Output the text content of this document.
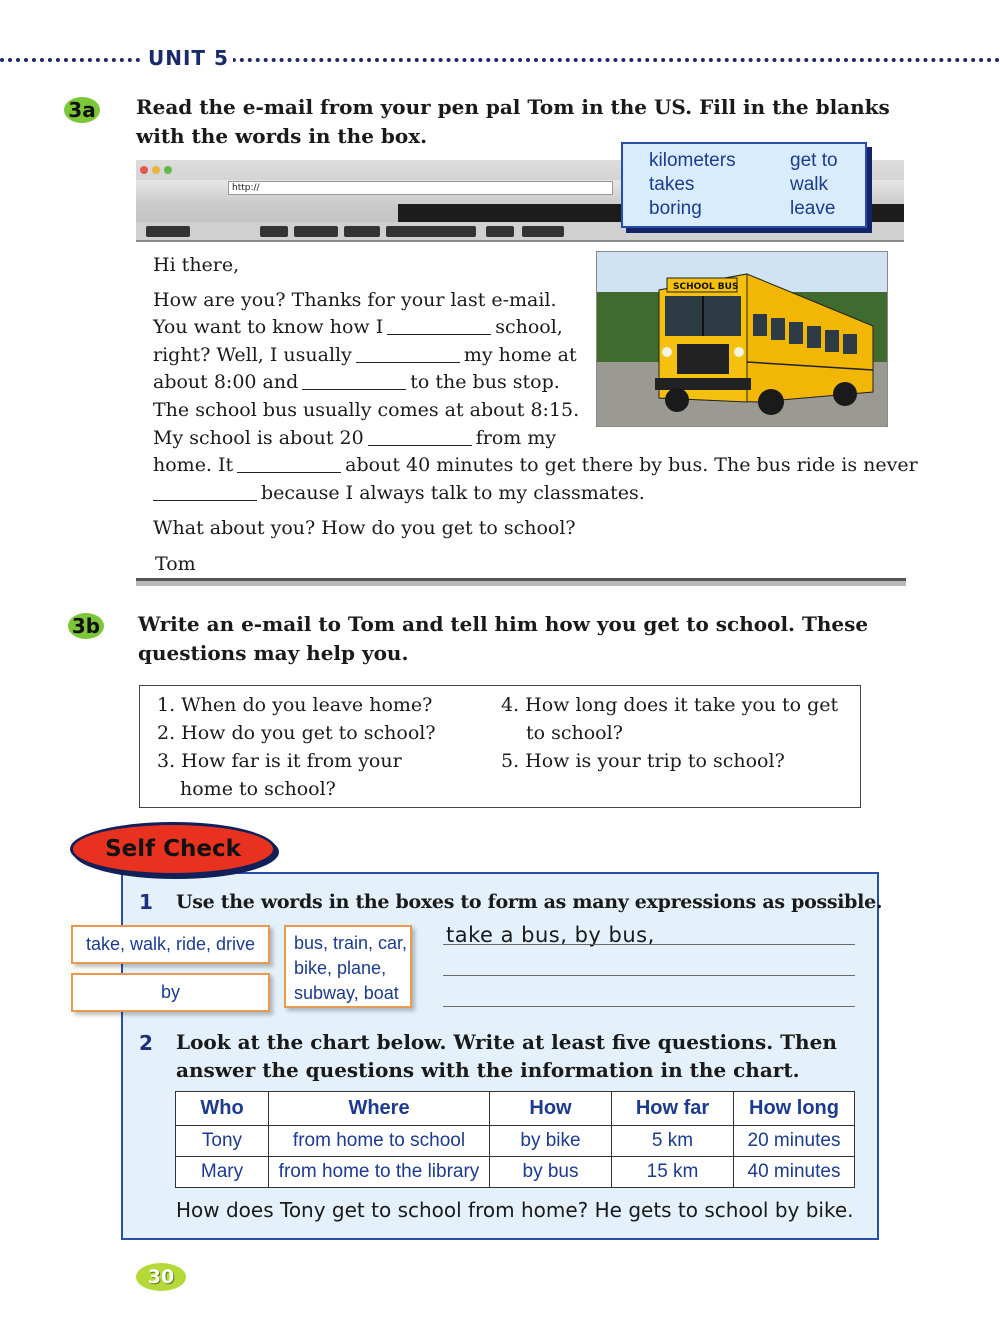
UNIT 5
3a Read the e-mail from your pen pal Tom in the US. Fill in the blanks
with the words in the box.
http://
kilometers	get to
takes	walk
boring	leave
Hi there,
How are you? Thanks for your last e-mail.
You want to know how I	school,
right? Well, I usually	my home at
about 8:00 and	to the bus stop.
The school bus usually comes at about 8:15.
My school is about 20	from my
home. It	about 40 minutes to get there by bus. The bus ride is never
because I always talk to my classmates.
What about you? How do you get to school?
Tom
SCHOOL BUS
3b Write an e-mail to Tom and tell him how you get to school. These
questions may help you.
1. When do you leave home?
2. How do you get to school?
3. How far is it from your
home to school?
4. How long does it take you to get
to school?
5. How is your trip to school?
Self Check
1 Use the words in the boxes to form as many expressions as possible.
take, walk, ride, drive
by
bus, train, car,
bike, plane,
subway, boat
take a bus, by bus,
2 Look at the chart below. Write at least five questions. Then
answer the questions with the information in the chart.
Who	Where	How	How far	How long
Tony	from home to school	by bike	5 km	20 minutes
Mary	from home to the library	by bus	15 km	40 minutes
How does Tony get to school from home? He gets to school by bike.
30
